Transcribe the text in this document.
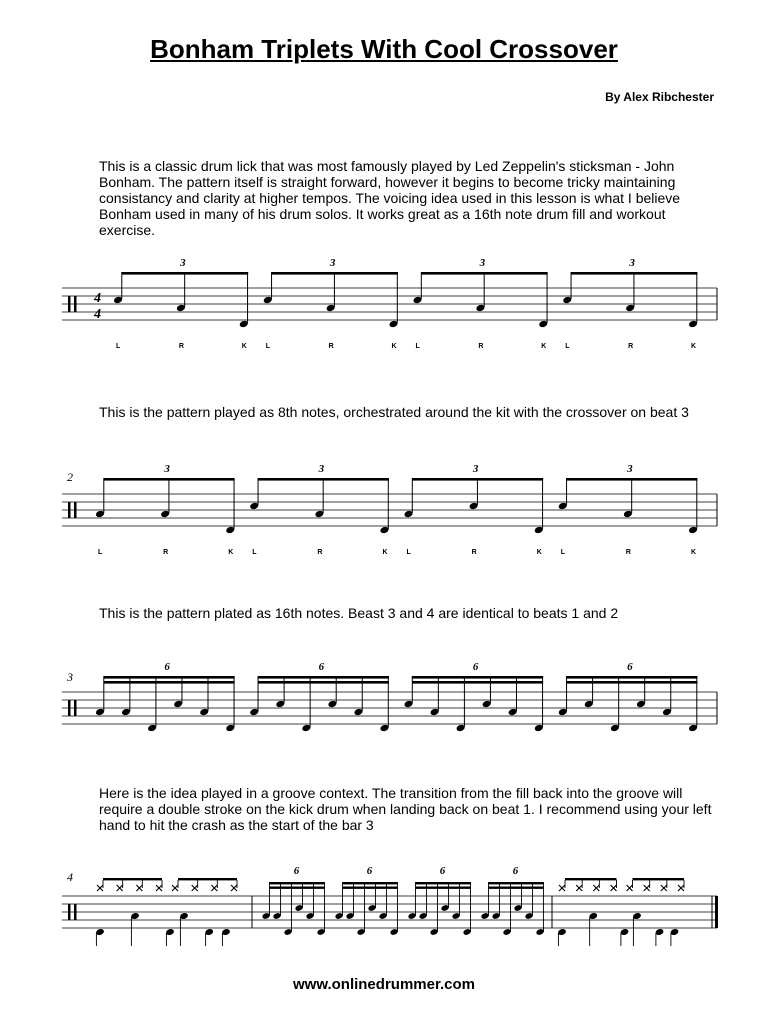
Bonham Triplets With Cool Crossover
By Alex Ribchester
This is a classic drum lick that was most famously played by Led Zeppelin's sticksman - John Bonham. The pattern itself is straight forward, however it begins to become tricky maintaining consistancy and clarity at higher tempos. The voicing idea used in this lesson is what I believe Bonham used in many of his drum solos. It works great as a 16th note drum fill and workout exercise.
4
4
L	R	K
3
L	R	K
3
L	R	K
3
L	R	K
3
This is the pattern played as 8th notes, orchestrated around the kit with the crossover on beat 3
2
L	R	K
3
L	R	K
3
L	R	K
3
L	R	K
3
This is the pattern plated as 16th notes. Beast 3 and 4 are identical to beats 1 and 2
3
6	6	6	6
Here is the idea played in a groove context. The transition from the fill back into the groove will require a double stroke on the kick drum when landing back on beat 1. I recommend using your left hand to hit the crash as the start of the bar 3
4	6	6	6	6
www.onlinedrummer.com
